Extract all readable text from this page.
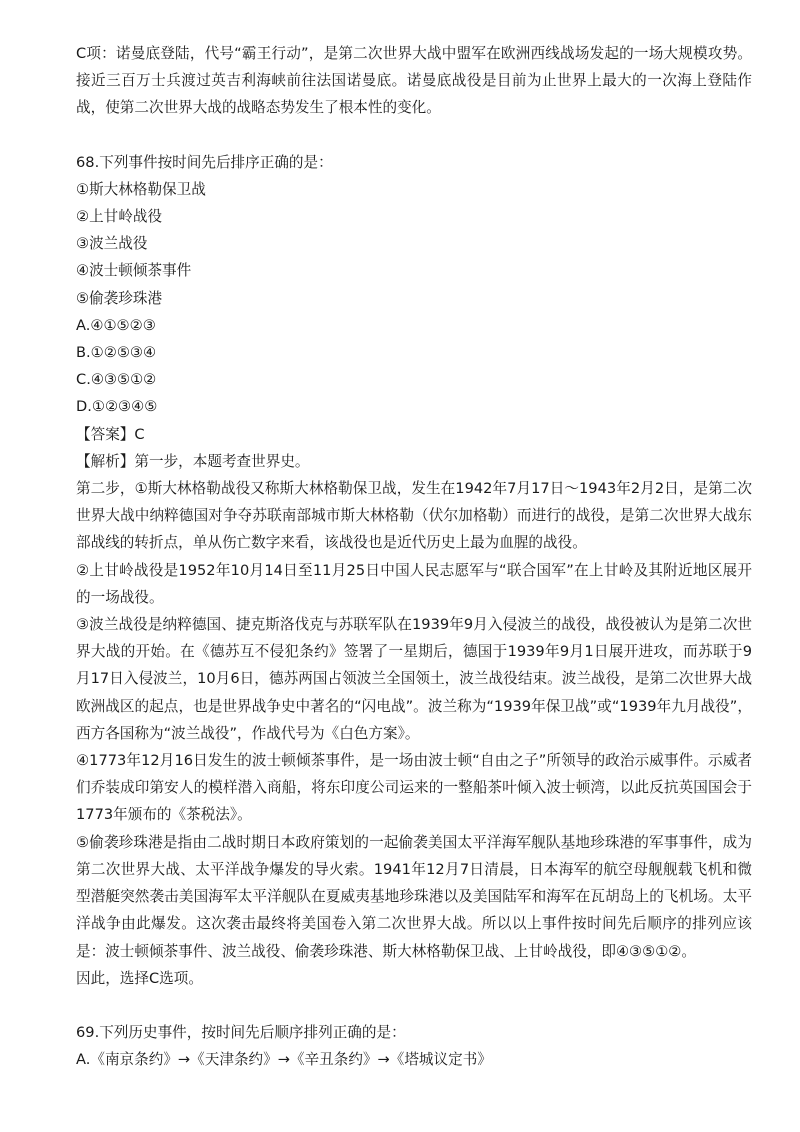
C项：诺曼底登陆，代号“霸王行动”，是第二次世界大战中盟军在欧洲西线战场发起的一场大规模攻势。接近三百万士兵渡过英吉利海峡前往法国诺曼底。诺曼底战役是目前为止世界上最大的一次海上登陆作战，使第二次世界大战的战略态势发生了根本性的变化。

68.下列事件按时间先后排序正确的是：

①斯大林格勒保卫战

②上甘岭战役

③波兰战役

④波士顿倾茶事件

⑤偷袭珍珠港

A.④①⑤②③

B.①②⑤③④

C.④③⑤①②

D.①②③④⑤

【答案】C

【解析】第一步，本题考查世界史。

第二步，①斯大林格勒战役又称斯大林格勒保卫战，发生在1942年7月17日～1943年2月2日，是第二次世界大战中纳粹德国对争夺苏联南部城市斯大林格勒（伏尔加格勒）而进行的战役，是第二次世界大战东部战线的转折点，单从伤亡数字来看，该战役也是近代历史上最为血腥的战役。

②上甘岭战役是1952年10月14日至11月25日中国人民志愿军与“联合国军”在上甘岭及其附近地区展开的一场战役。

③波兰战役是纳粹德国、捷克斯洛伐克与苏联军队在1939年9月入侵波兰的战役，战役被认为是第二次世界大战的开始。在《德苏互不侵犯条约》签署了一星期后，德国于1939年9月1日展开进攻，而苏联于9月17日入侵波兰，10月6日，德苏两国占领波兰全国领土，波兰战役结束。波兰战役，是第二次世界大战欧洲战区的起点，也是世界战争史中著名的“闪电战”。波兰称为“1939年保卫战”或“1939年九月战役”，西方各国称为“波兰战役”，作战代号为《白色方案》。

④1773年12月16日发生的波士顿倾茶事件，是一场由波士顿“自由之子”所领导的政治示威事件。示威者们乔装成印第安人的模样潜入商船，将东印度公司运来的一整船茶叶倾入波士顿湾，以此反抗英国国会于1773年颁布的《茶税法》。

⑤偷袭珍珠港是指由二战时期日本政府策划的一起偷袭美国太平洋海军舰队基地珍珠港的军事事件，成为第二次世界大战、太平洋战争爆发的导火索。1941年12月7日清晨，日本海军的航空母舰舰载飞机和微型潜艇突然袭击美国海军太平洋舰队在夏威夷基地珍珠港以及美国陆军和海军在瓦胡岛上的飞机场。太平洋战争由此爆发。这次袭击最终将美国卷入第二次世界大战。所以以上事件按时间先后顺序的排列应该是：波士顿倾茶事件、波兰战役、偷袭珍珠港、斯大林格勒保卫战、上甘岭战役，即④③⑤①②。

因此，选择C选项。

69.下列历史事件，按时间先后顺序排列正确的是：

A.《南京条约》→《天津条约》→《辛丑条约》→《塔城议定书》
